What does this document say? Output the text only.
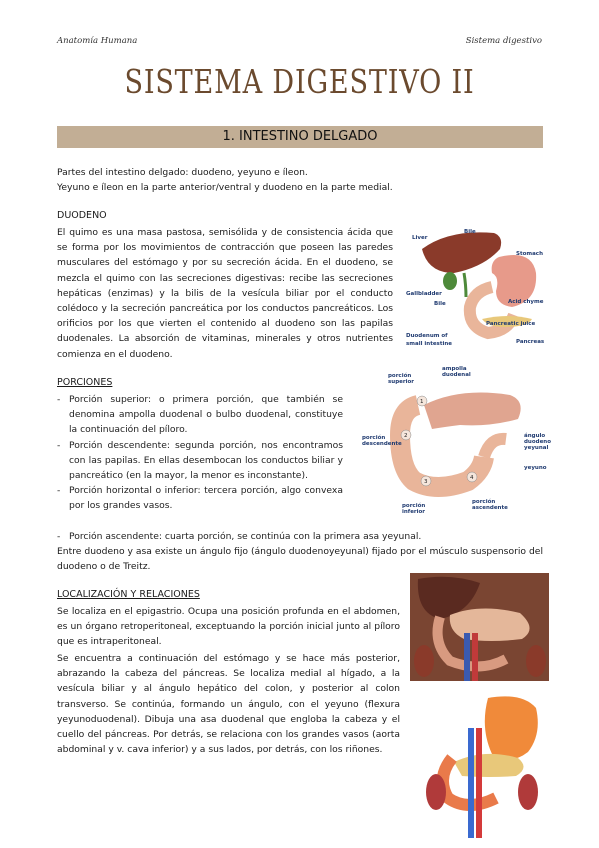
Anatomía Humana	Sistema digestivo
SISTEMA DIGESTIVO II
1. INTESTINO DELGADO

Partes del intestino delgado: duodeno, yeyuno e íleon.

Yeyuno e íleon en la parte anterior/ventral y duodeno en la parte medial.

DUODENO

El quimo es una masa pastosa, semisólida y de consistencia ácida que se forma por los movimientos de contracción que poseen las paredes musculares del estómago y por su secreción ácida. En el duodeno, se mezcla el quimo con las secreciones digestivas: recibe las secreciones hepáticas (enzimas) y la bilis de la vesícula biliar por el conducto colédoco y la secreción pancreática por los conductos pancreáticos. Los orificios por los que vierten el contenido al duodeno son las papilas duodenales. La absorción de vitaminas, minerales y otros nutrientes comienza en el duodeno.

Liver
Bile
Stomach
Gallbladder
Bile	Acid chyme
Pancreatic juice
Duodenum of
small intestine	Pancreas
PORCIONES
- Porción superior: o primera porción, que también se denomina ampolla duodenal o bulbo duodenal, constituye la continuación del píloro.
- Porción descendente: segunda porción, nos encontramos con las papilas. En ellas desembocan los conductos biliar y pancreático (en la mayor, la menor es inconstante).
- Porción horizontal o inferior: tercera porción, algo convexa por los grandes vasos.
- Porción ascendente: cuarta porción, se continúa con la primera asa yeyunal.

Entre duodeno y asa existe un ángulo fijo (ángulo duodenoyeyunal) fijado por el músculo suspensorio del duodeno o de Treitz.

1
2
3
4
ampolla
duodenal
porción
superior
porción
descendente
ángulo
duodeno
yeyunal
yeyuno
porción
inferior
porción
ascendente
LOCALIZACIÓN Y RELACIONES

Se localiza en el epigastrio. Ocupa una posición profunda en el abdomen, es un órgano retroperitoneal, exceptuando la porción inicial junto al píloro que es intraperitoneal.

Se encuentra a continuación del estómago y se hace más posterior, abrazando la cabeza del páncreas. Se localiza medial al hígado, a la vesícula biliar y al ángulo hepático del colon, y posterior al colon transverso. Se continúa, formando un ángulo, con el yeyuno (flexura yeyunoduodenal). Dibuja una asa duodenal que engloba la cabeza y el cuello del páncreas. Por detrás, se relaciona con los grandes vasos (aorta abdominal y v. cava inferior) y a sus lados, por detrás, con los riñones.
